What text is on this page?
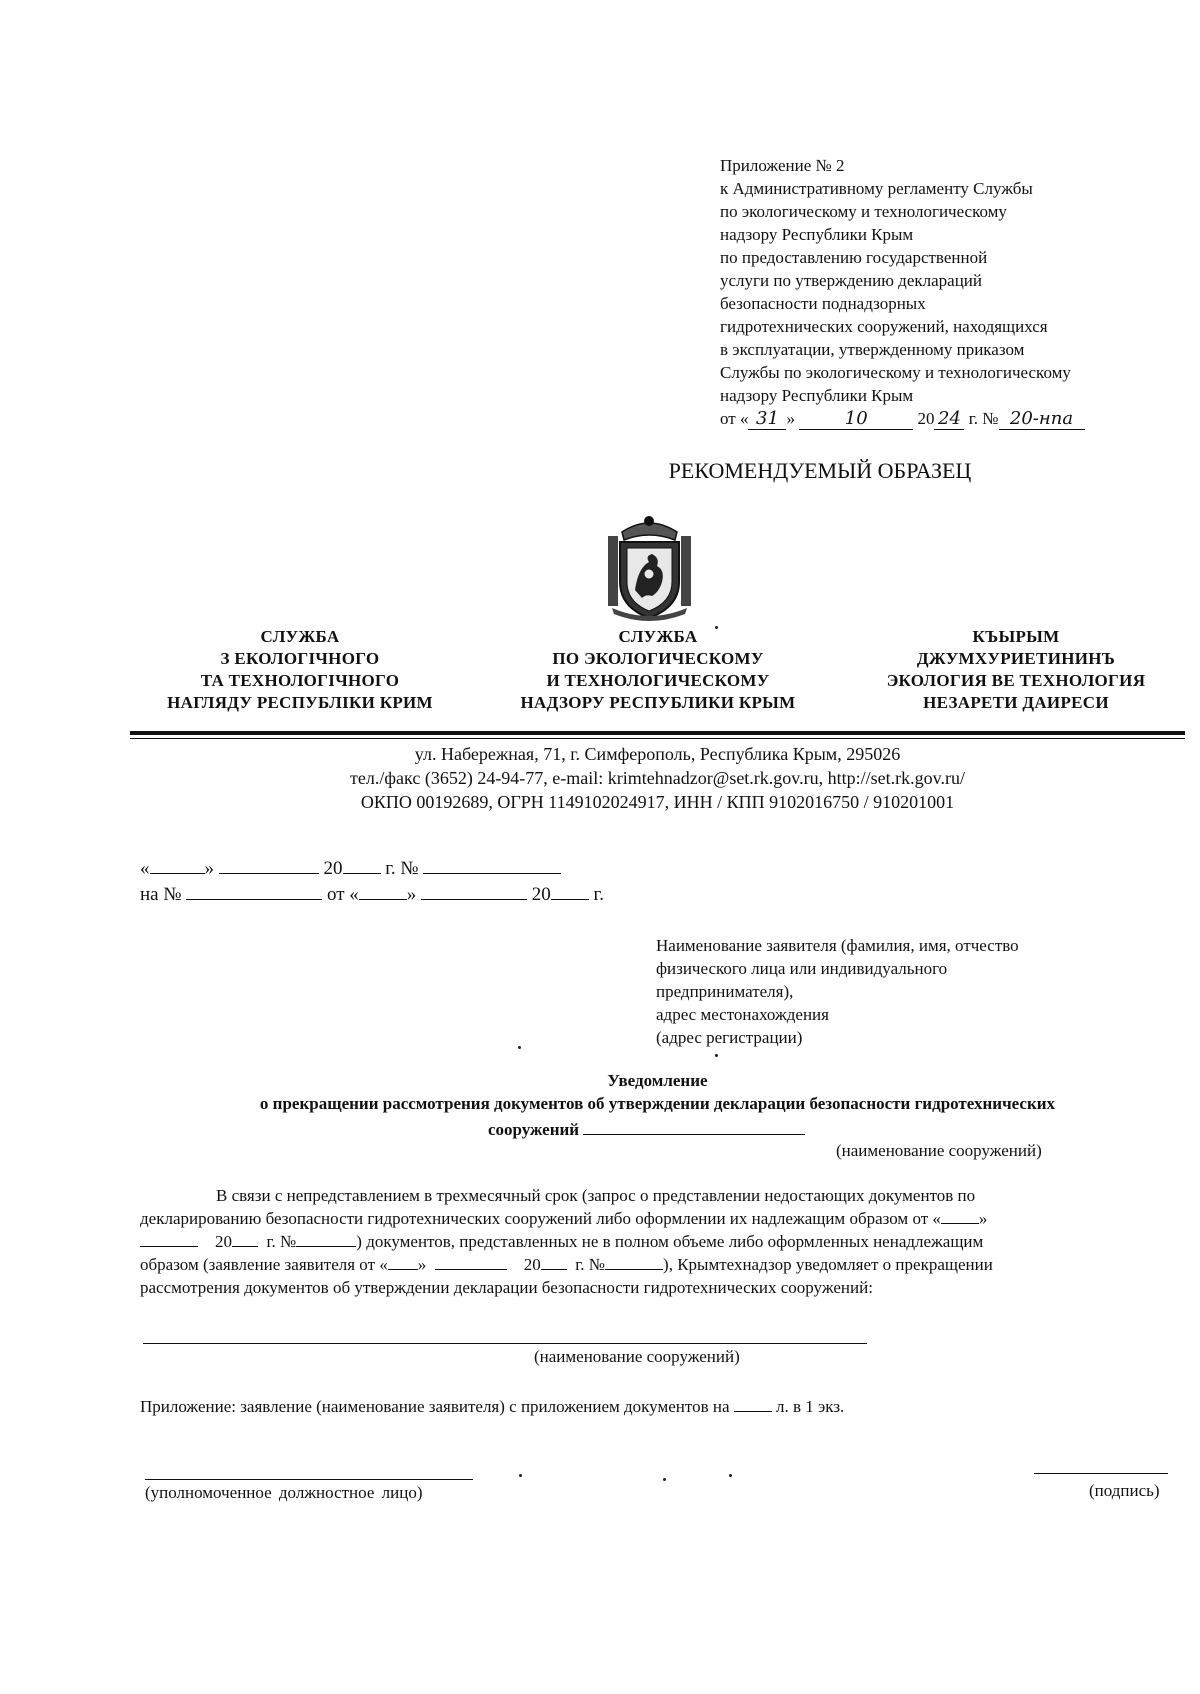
Приложение № 2
к Административному регламенту Службы
по экологическому и технологическому
надзору Республики Крым
по предоставлению государственной
услуги по утверждению деклараций
безопасности поднадзорных
гидротехнических сооружений, находящихся
в эксплуатации, утвержденному приказом
Службы по экологическому и технологическому
надзору Республики Крым
от « 31 »	10	20 24 г. № 20-нпа
РЕКОМЕНДУЕМЫЙ ОБРАЗЕЦ
СЛУЖБА
З ЕКОЛОГІЧНОГО
ТА ТЕХНОЛОГІЧНОГО
НАГЛЯДУ РЕСПУБЛІКИ КРИМ
СЛУЖБА
ПО ЭКОЛОГИЧЕСКОМУ
И ТЕХНОЛОГИЧЕСКОМУ
НАДЗОРУ РЕСПУБЛИКИ КРЫМ
КЪЫРЫМ
ДЖУМХУРИЕТИНИНЪ
ЭКОЛОГИЯ ВЕ ТЕХНОЛОГИЯ
НЕЗАРЕТИ ДАИРЕСИ
ул. Набережная, 71, г. Симферополь, Республика Крым, 295026
тел./факс (3652) 24-94-77, e-mail: krimtehnadzor@set.rk.gov.ru, http://set.rk.gov.ru/
ОКПО 00192689, ОГРН 1149102024917, ИНН / КПП 9102016750 / 910201001
«	»	20 г. №
на №	от «	»	20 г.
Наименование заявителя (фамилия, имя, отчество
физического лица или индивидуального
предпринимателя),
адрес местонахождения
(адрес регистрации)
Уведомление
о прекращении рассмотрения документов об утверждении декларации безопасности гидротехнических
сооружений
(наименование сооружений)
В связи с непредставлением в трехмесячный срок (запрос о представлении недостающих документов по
декларированию безопасности гидротехнических сооружений либо оформлении их надлежащим образом от « »
20 г. №	) документов, представленных не в полном объеме либо оформленных ненадлежащим
образом (заявление заявителя от « »	20 г. №	), Крымтехнадзор уведомляет о прекращении
рассмотрения документов об утверждении декларации безопасности гидротехнических сооружений:
(наименование сооружений)
Приложение: заявление (наименование заявителя) с приложением документов на	л. в 1 экз.
(уполномоченное должностное лицо)	(подпись)
